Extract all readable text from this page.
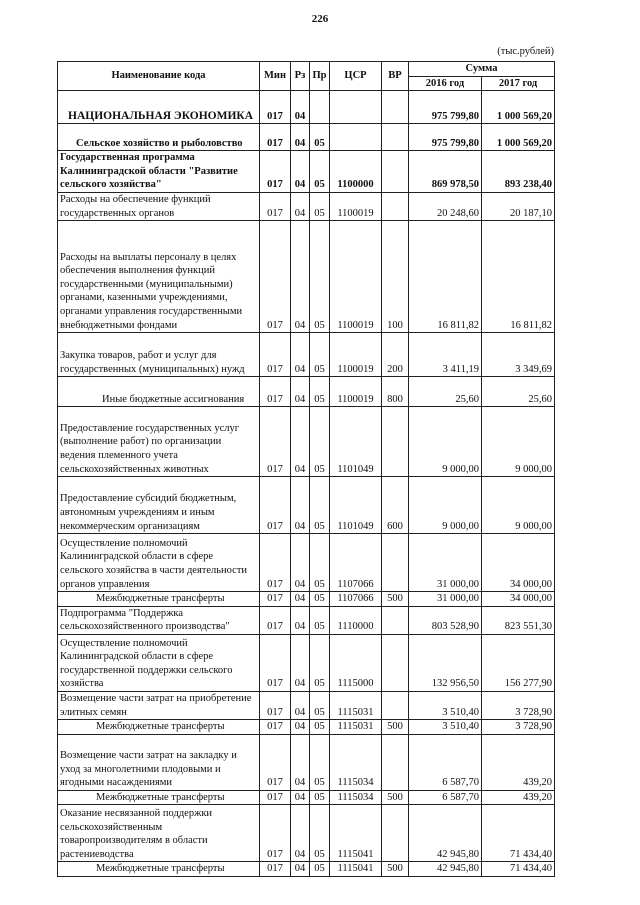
226
(тыс.рублей)
Наименование кода	Мин	Рз	Пр	ЦСР	ВР	Сумма	
						2016 год	2017 год
НАЦИОНАЛЬНАЯ ЭКОНОМИКА	017	04				975 799,80	1 000 569,20
Сельское хозяйство и рыболовство	017	04	05			975 799,80	1 000 569,20
Государственная программа Калининградской области "Развитие сельского хозяйства"	017	04	05	1100000		869 978,50	893 238,40
Расходы на обеспечение функций государственных органов	017	04	05	1100019		20 248,60	20 187,10
Расходы на выплаты персоналу в целях обеспечения выполнения функций государственными (муниципальными) органами, казенными учреждениями, органами управления государственными внебюджетными фондами	017	04	05	1100019	100	16 811,82	16 811,82
Закупка товаров, работ и услуг для государственных (муниципальных) нужд	017	04	05	1100019	200	3 411,19	3 349,69
Иные бюджетные ассигнования	017	04	05	1100019	800	25,60	25,60
Предоставление государственных услуг (выполнение работ) по организации ведения племенного учета сельскохозяйственных животных	017	04	05	1101049		9 000,00	9 000,00
Предоставление субсидий бюджетным, автономным учреждениям и иным некоммерческим организациям	017	04	05	1101049	600	9 000,00	9 000,00
Осуществление полномочий Калининградской области в сфере сельского хозяйства в части деятельности органов управления	017	04	05	1107066		31 000,00	34 000,00
Межбюджетные трансферты	017	04	05	1107066	500	31 000,00	34 000,00
Подпрограмма "Поддержка сельскохозяйственного производства"	017	04	05	1110000		803 528,90	823 551,30
Осуществление полномочий Калининградской области в сфере государственной поддержки сельского хозяйства	017	04	05	1115000		132 956,50	156 277,90
Возмещение части затрат на приобретение элитных семян	017	04	05	1115031		3 510,40	3 728,90
Межбюджетные трансферты	017	04	05	1115031	500	3 510,40	3 728,90
Возмещение части затрат на закладку и уход за многолетними плодовыми и ягодными насаждениями	017	04	05	1115034		6 587,70	439,20
Межбюджетные трансферты	017	04	05	1115034	500	6 587,70	439,20
Оказание несвязанной поддержки сельскохозяйственным товаропроизводителям в области растениеводства	017	04	05	1115041		42 945,80	71 434,40
Межбюджетные трансферты	017	04	05	1115041	500	42 945,80	71 434,40
